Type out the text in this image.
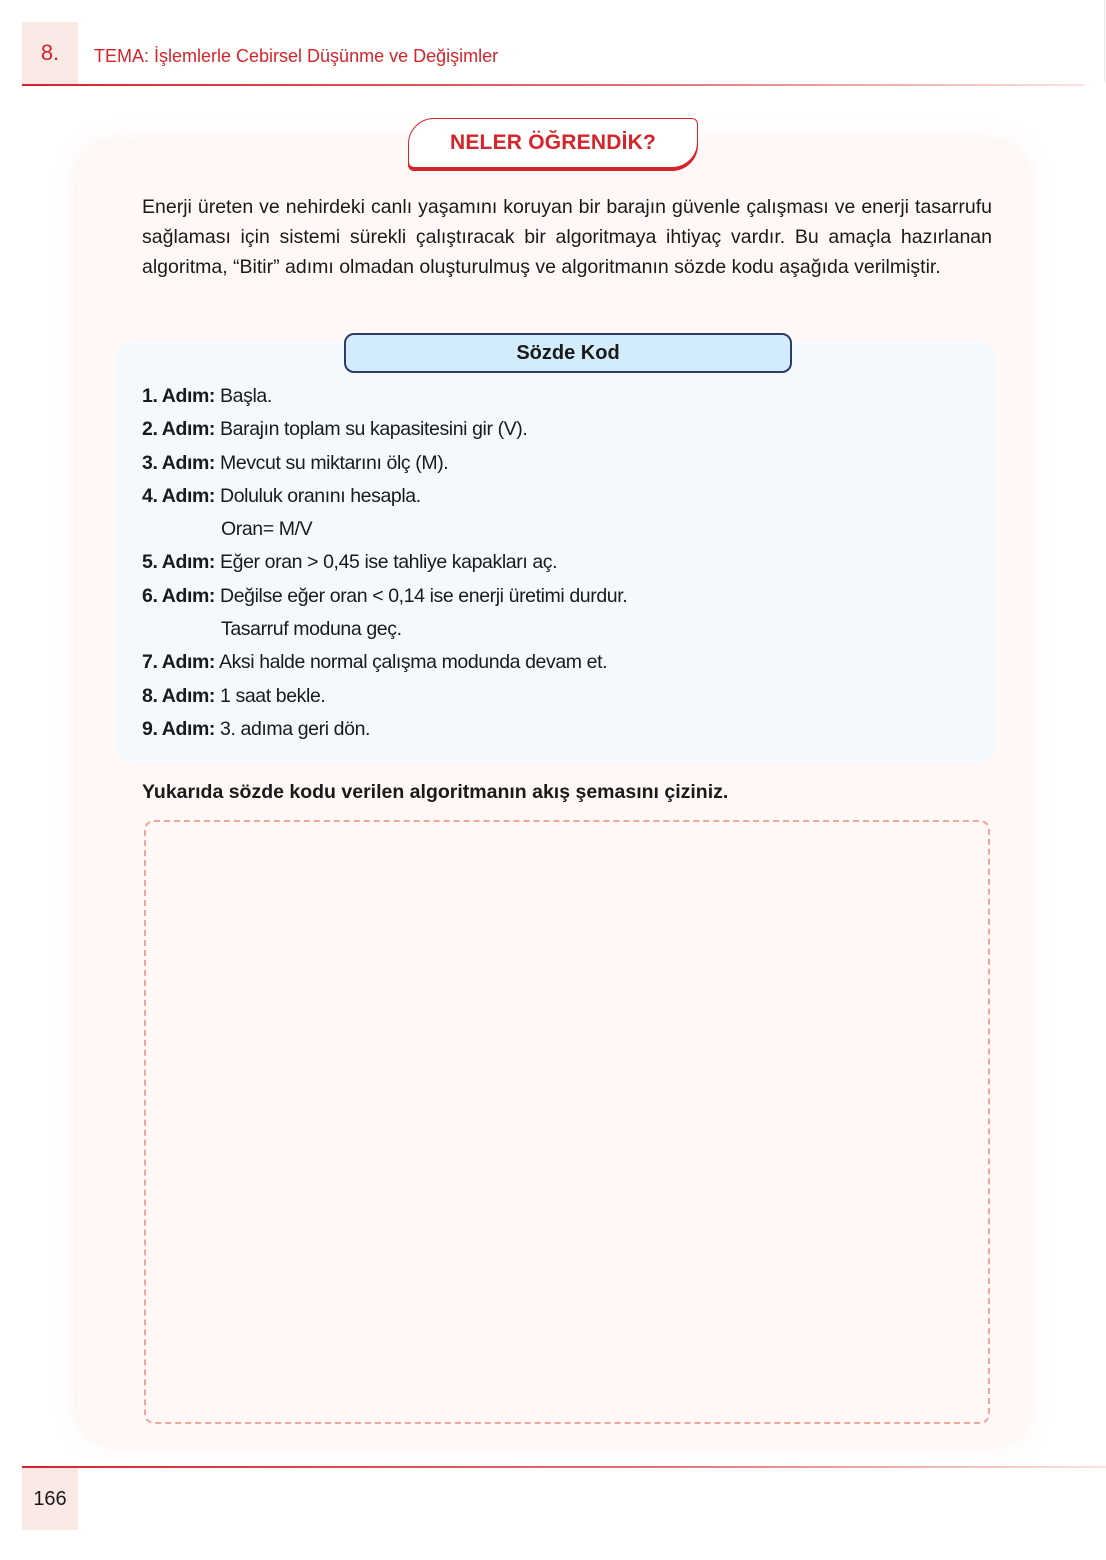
8.	TEMA: İşlemlerle Cebirsel Düşünme ve Değişimler
NELER ÖĞRENDİK?
Enerji üreten ve nehirdeki canlı yaşamını koruyan bir barajın güvenle çalışması ve enerji tasarrufu sağlaması için sistemi sürekli çalıştıracak bir algoritmaya ihtiyaç vardır. Bu amaçla hazırlanan algoritma, “Bitir” adımı olmadan oluşturulmuş ve algoritmanın sözde kodu aşağıda verilmiştir.
Sözde Kod
1. Adım: Başla.
2. Adım: Barajın toplam su kapasitesini gir (V).
3. Adım: Mevcut su miktarını ölç (M).
4. Adım: Doluluk oranını hesapla.
Oran= M/V
5. Adım: Eğer oran > 0,45 ise tahliye kapakları aç.
6. Adım: Değilse eğer oran < 0,14 ise enerji üretimi durdur.
Tasarruf moduna geç.
7. Adım: Aksi halde normal çalışma modunda devam et.
8. Adım: 1 saat bekle.
9. Adım: 3. adıma geri dön.
Yukarıda sözde kodu verilen algoritmanın akış şemasını çiziniz.
166
